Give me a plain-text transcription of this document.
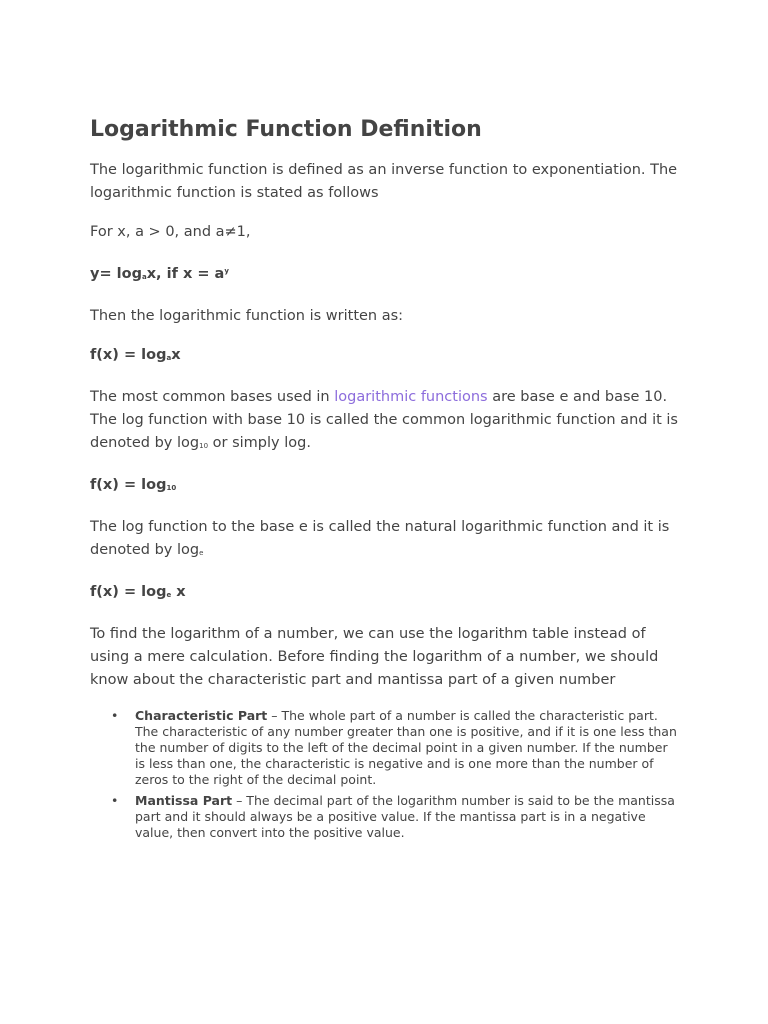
Logarithmic Function Definition

The logarithmic function is defined as an inverse function to exponentiation. The logarithmic function is stated as follows

For x, a > 0, and a≠1,

y= logax, if $x = a^y$

Then the logarithmic function is written as:

f(x) = logax

The most common bases used in logarithmic functions are base e and base 10. The log function with base 10 is called the common logarithmic function and it is denoted by log10 or simply log.

f(x) = log10

The log function to the base e is called the natural logarithmic function and it is denoted by loge

f(x) = loge x

To find the logarithm of a number, we can use the logarithm table instead of using a mere calculation. Before finding the logarithm of a number, we should know about the characteristic part and mantissa part of a given number

• Characteristic Part – The whole part of a number is called the characteristic part. The characteristic of any number greater than one is positive, and if it is one less than the number of digits to the left of the decimal point in a given number. If the number is less than one, the characteristic is negative and is one more than the number of zeros to the right of the decimal point.
• Mantissa Part – The decimal part of the logarithm number is said to be the mantissa part and it should always be a positive value. If the mantissa part is in a negative value, then convert into the positive value.
